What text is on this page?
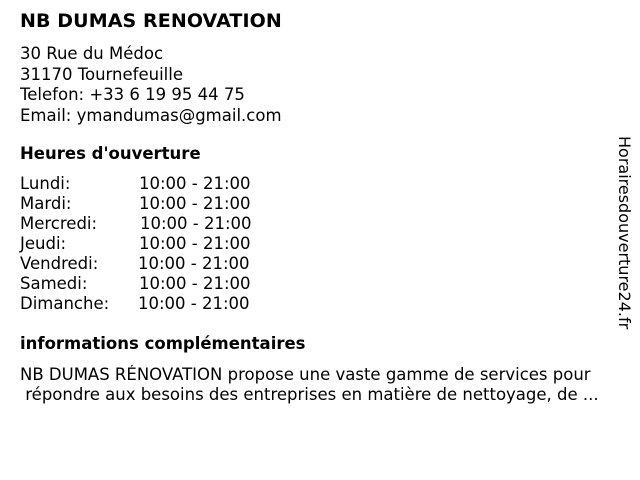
NB DUMAS RENOVATION
30 Rue du Médoc
31170 Tournefeuille
Telefon: +33 6 19 95 44 75
Email: ymandumas@gmail.com
Heures d'ouverture
Lundi:	10:00 - 21:00
Mardi:	10:00 - 21:00
Mercredi:	10:00 - 21:00
Jeudi:	10:00 - 21:00
Vendredi: 10:00 - 21:00
Samedi:	10:00 - 21:00
Dimanche: 10:00 - 21:00
informations complémentaires
NB DUMAS RÉNOVATION propose une vaste gamme de services pour
répondre aux besoins des entreprises en matière de nettoyage, de ...
Horairesdouverture24.fr
